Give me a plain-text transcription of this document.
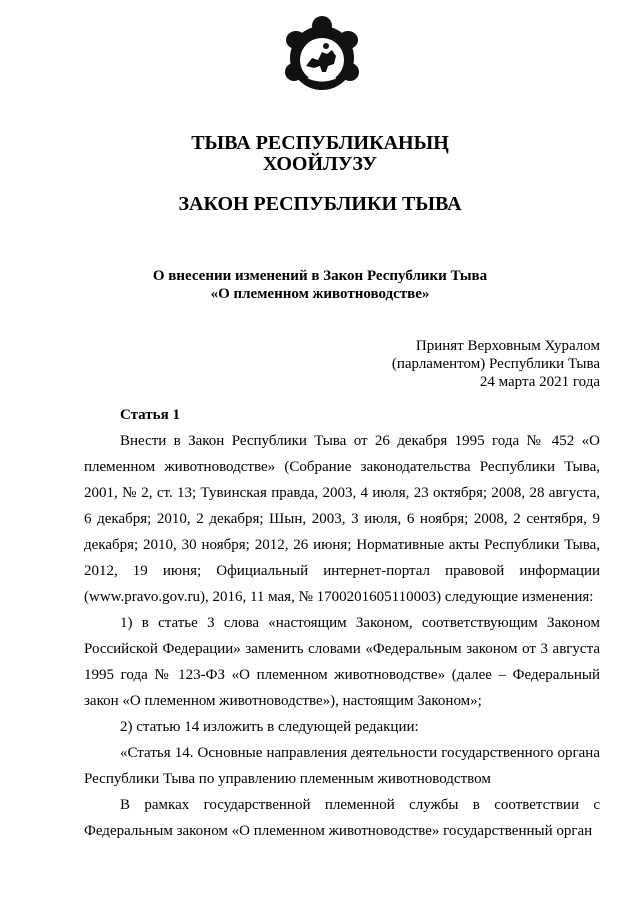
ТЫВА РЕСПУБЛИКАНЫҢ
ХООЙЛУЗУ
ЗАКОН РЕСПУБЛИКИ ТЫВА
О внесении изменений в Закон Республики Тыва
«О племенном животноводстве»
Принят Верховным Хуралом
(парламентом) Республики Тыва
24 марта 2021 года
Статья 1

Внести в Закон Республики Тыва от 26 декабря 1995 года № 452 «О племенном животноводстве» (Собрание законодательства Республики Тыва, 2001, № 2, ст. 13; Тувинская правда, 2003, 4 июля, 23 октября; 2008, 28 августа, 6 декабря; 2010, 2 декабря; Шын, 2003, 3 июля, 6 ноября; 2008, 2 сентября, 9 декабря; 2010, 30 ноября; 2012, 26 июня; Нормативные акты Республики Тыва, 2012, 19 июня; Официальный интернет-портал правовой информации (www.pravo.gov.ru), 2016, 11 мая, № 1700201605110003) следующие изменения:

1) в статье 3 слова «настоящим Законом, соответствующим Законом Российской Федерации» заменить словами «Федеральным законом от 3 августа 1995 года № 123-ФЗ «О племенном животноводстве» (далее – Федеральный закон «О племенном животноводстве»), настоящим Законом»;

2) статью 14 изложить в следующей редакции:

«Статья 14. Основные направления деятельности государственного органа Республики Тыва по управлению племенным животноводством

В рамках государственной племенной службы в соответствии с Федеральным законом «О племенном животноводстве» государственный орган
